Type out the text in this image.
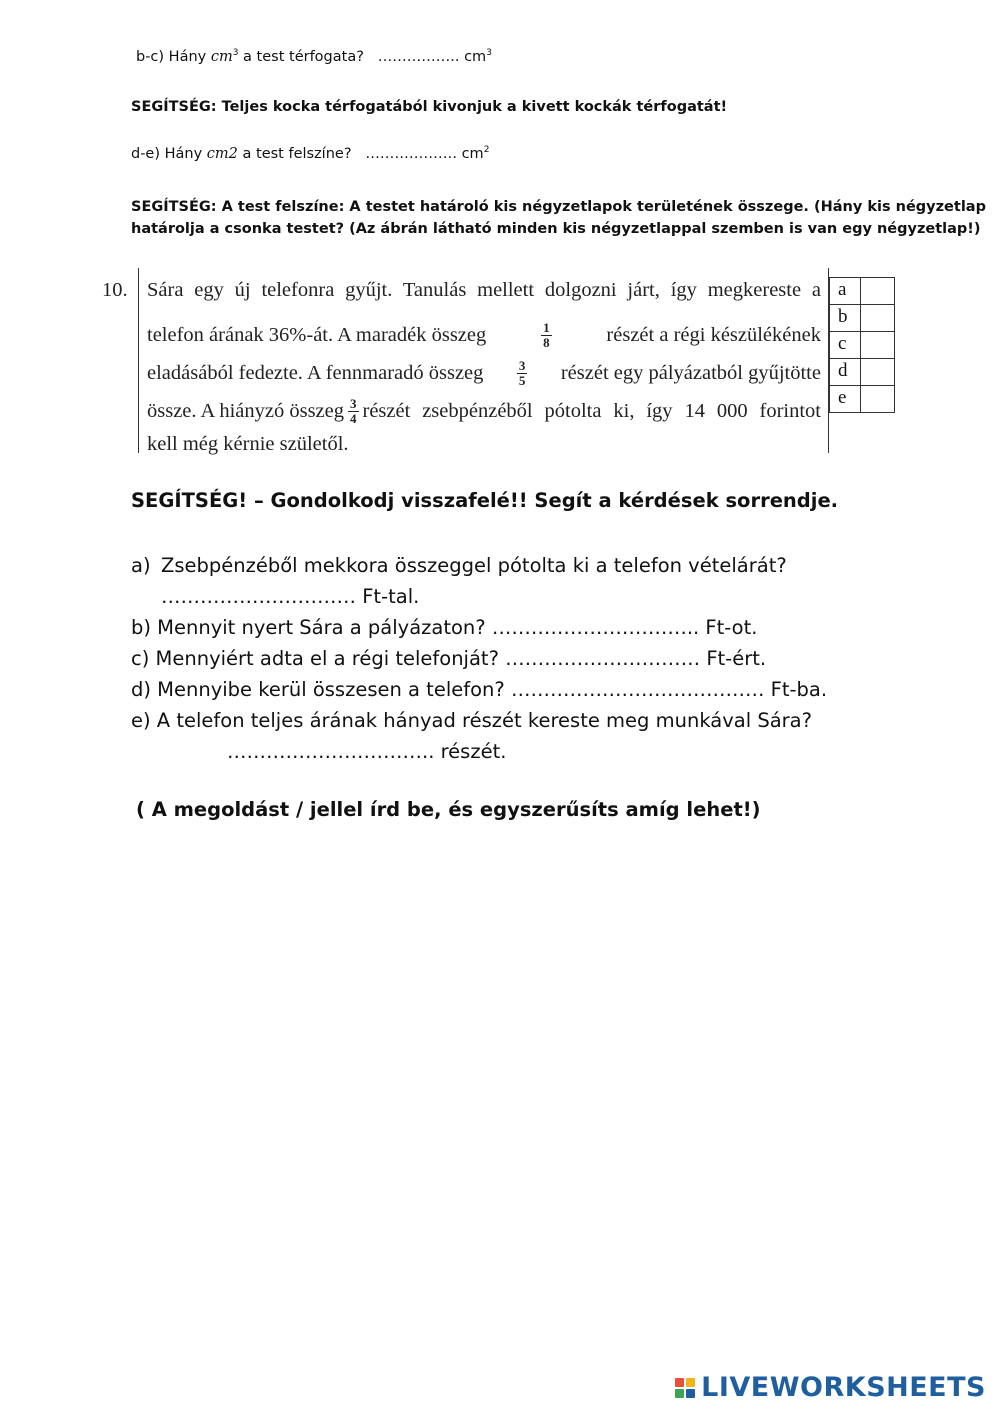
b-c) Hány $cm^3$ a test térfogata? …………….. $cm^3$
SEGÍTSÉG: Teljes kocka térfogatából kivonjuk a kivett kockák térfogatát!
d-e) Hány cm2 a test felszíne? ………………. $cm^2$
SEGÍTSÉG: A test felszíne: A testet határoló kis négyzetlapok területének összege. (Hány kis négyzetlap
határolja a csonka testet? (Az ábrán látható minden kis négyzetlappal szemben is van egy négyzetlap!)
10. Sára egy új telefonra gyűjt. Tanulás mellett dolgozni járt, így megkereste a
telefon árának 36%-át. A maradék összeg	$\frac{1}{8}$	részét a régi készülékének
eladásából fedezte. A fennmaradó összeg	$\frac{3}{5}$ részét egy pályázatból gyűjtötte
össze. A hiányzó összeg $\frac{3}{4}$ részét zsebpénzéből pótolta ki, így 14 000 forintot
kell még kérnie születől.
a
b
c
d
e
SEGÍTSÉG! – Gondolkodj visszafelé!! Segít a kérdések sorrendje.
a) Zsebpénzéből mekkora összeggel pótolta ki a telefon vételárát?
………………………… Ft-tal.
b) Mennyit nyert Sára a pályázaton? ………………………….. Ft-ot.
c) Mennyiért adta el a régi telefonját? ………………………… Ft-ért.
d) Mennyibe kerül összesen a telefon? ………………………………… Ft-ba.
e) A telefon teljes árának hányad részét kereste meg munkával Sára?
………………………….. részét.
( A megoldást / jellel írd be, és egyszerűsíts amíg lehet!)
LIVEWORKSHEETS
